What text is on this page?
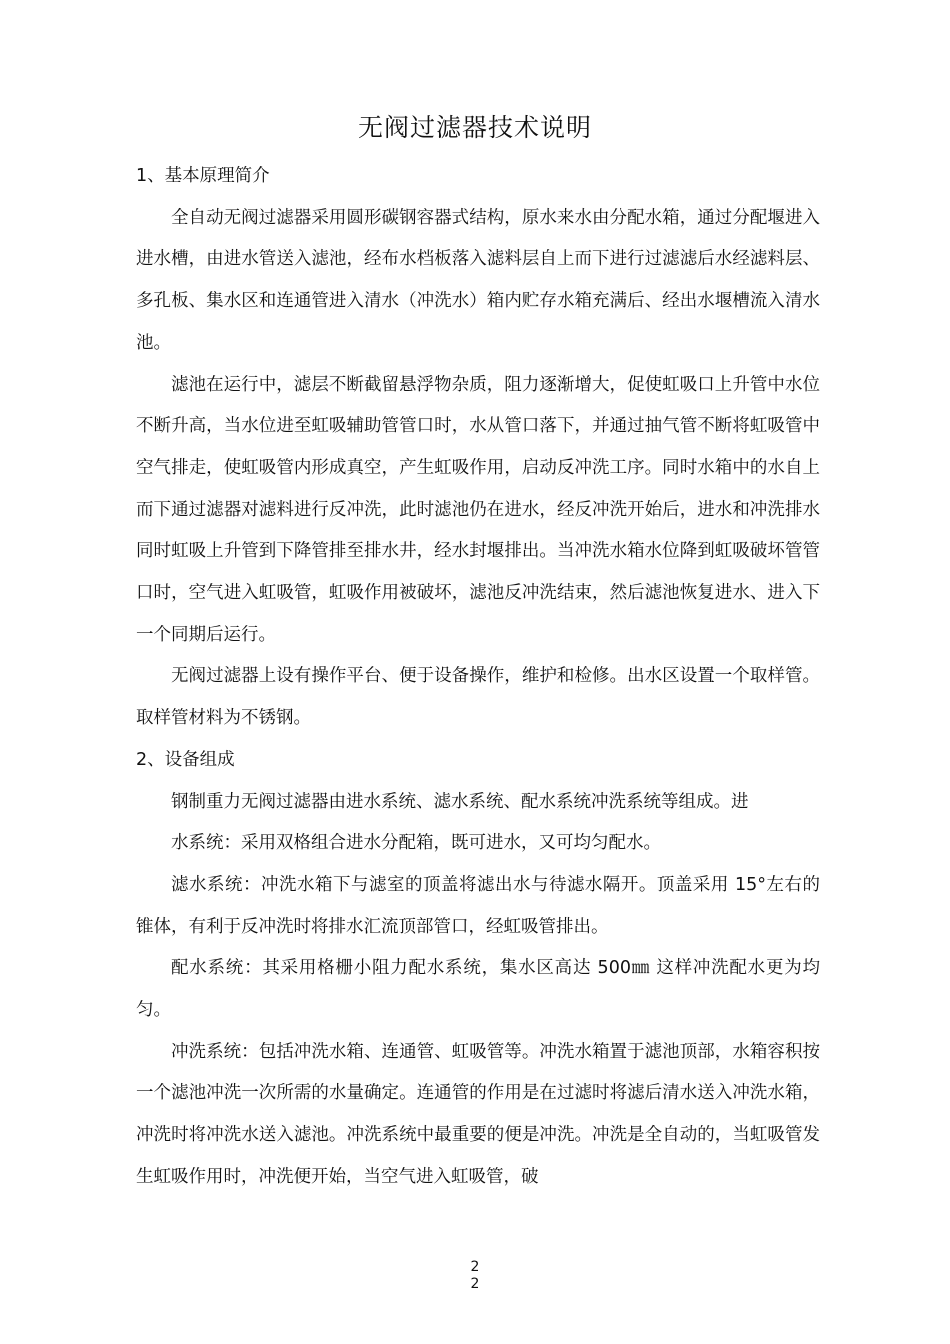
无阀过滤器技术说明

1、基本原理简介

全自动无阀过滤器采用圆形碳钢容器式结构，原水来水由分配水箱，通过分配堰进入进水槽，由进水管送入滤池，经布水档板落入滤料层自上而下进行过滤滤后水经滤料层、多孔板、集水区和连通管进入清水（冲洗水）箱内贮存水箱充满后、经出水堰槽流入清水池。

滤池在运行中，滤层不断截留悬浮物杂质，阻力逐渐增大，促使虹吸口上升管中水位不断升高，当水位进至虹吸辅助管管口时，水从管口落下，并通过抽气管不断将虹吸管中空气排走，使虹吸管内形成真空，产生虹吸作用，启动反冲洗工序。同时水箱中的水自上而下通过滤器对滤料进行反冲洗，此时滤池仍在进水，经反冲洗开始后，进水和冲洗排水同时虹吸上升管到下降管排至排水井，经水封堰排出。当冲洗水箱水位降到虹吸破坏管管口时，空气进入虹吸管，虹吸作用被破坏，滤池反冲洗结束，然后滤池恢复进水、进入下一个同期后运行。

无阀过滤器上设有操作平台、便于设备操作，维护和检修。出水区设置一个取样管。取样管材料为不锈钢。

2、设备组成

钢制重力无阀过滤器由进水系统、滤水系统、配水系统冲洗系统等组成。进

水系统：采用双格组合进水分配箱，既可进水，又可均匀配水。

滤水系统：冲洗水箱下与滤室的顶盖将滤出水与待滤水隔开。顶盖采用 15°左右的锥体，有利于反冲洗时将排水汇流顶部管口，经虹吸管排出。

配水系统：其采用格栅小阻力配水系统，集水区高达 500㎜ 这样冲洗配水更为均匀。

冲洗系统：包括冲洗水箱、连通管、虹吸管等。冲洗水箱置于滤池顶部，水箱容积按一个滤池冲洗一次所需的水量确定。连通管的作用是在过滤时将滤后清水送入冲洗水箱，冲洗时将冲洗水送入滤池。冲洗系统中最重要的便是冲洗。冲洗是全自动的，当虹吸管发生虹吸作用时，冲洗便开始，当空气进入虹吸管，破

2
2
